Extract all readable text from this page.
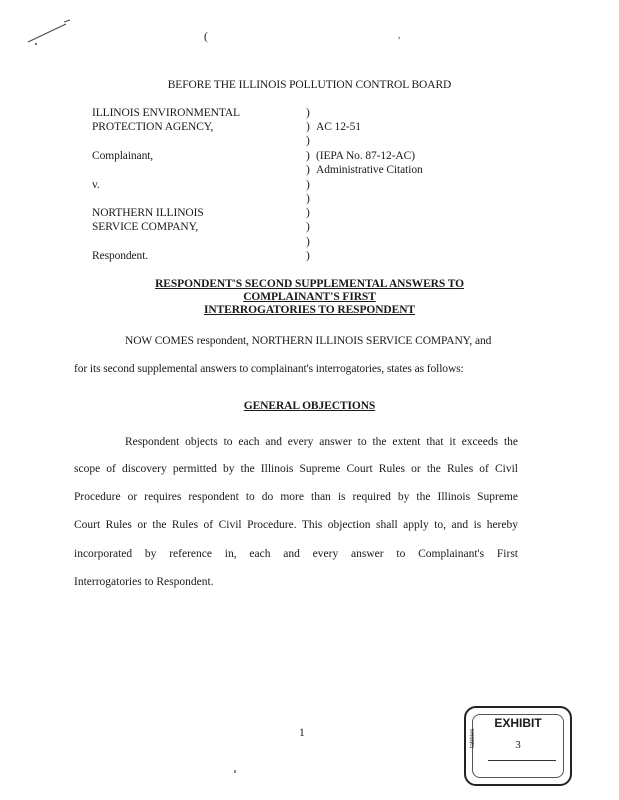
(	,
BEFORE THE ILLINOIS POLLUTION CONTROL BOARD
ILLINOIS ENVIRONMENTAL
PROTECTION AGENCY,
Complainant,
v.
NORTHERN ILLINOIS
SERVICE COMPANY,
Respondent.
)
)
)
)
)
)
)
)
)
)
)
AC 12-51
(IEPA No. 87-12-AC)
Administrative Citation
RESPONDENT'S SECOND SUPPLEMENTAL ANSWERS TO
COMPLAINANT'S FIRST
INTERROGATORIES TO RESPONDENT
NOW COMES respondent, NORTHERN ILLINOIS SERVICE COMPANY, and
for its second supplemental answers to complainant's interrogatories, states as follows:
GENERAL OBJECTIONS
Respondent objects to each and every answer to the extent that it exceeds the
scope of discovery permitted by the Illinois Supreme Court Rules or the Rules of Civil
Procedure or requires respondent to do more than is required by the Illinois Supreme
Court Rules or the Rules of Civil Procedure. This objection shall apply to, and is hereby
incorporated by reference in, each and every answer to Complainant's First
Interrogatories to Respondent.
1
EXHIBIT
3
tabbies
